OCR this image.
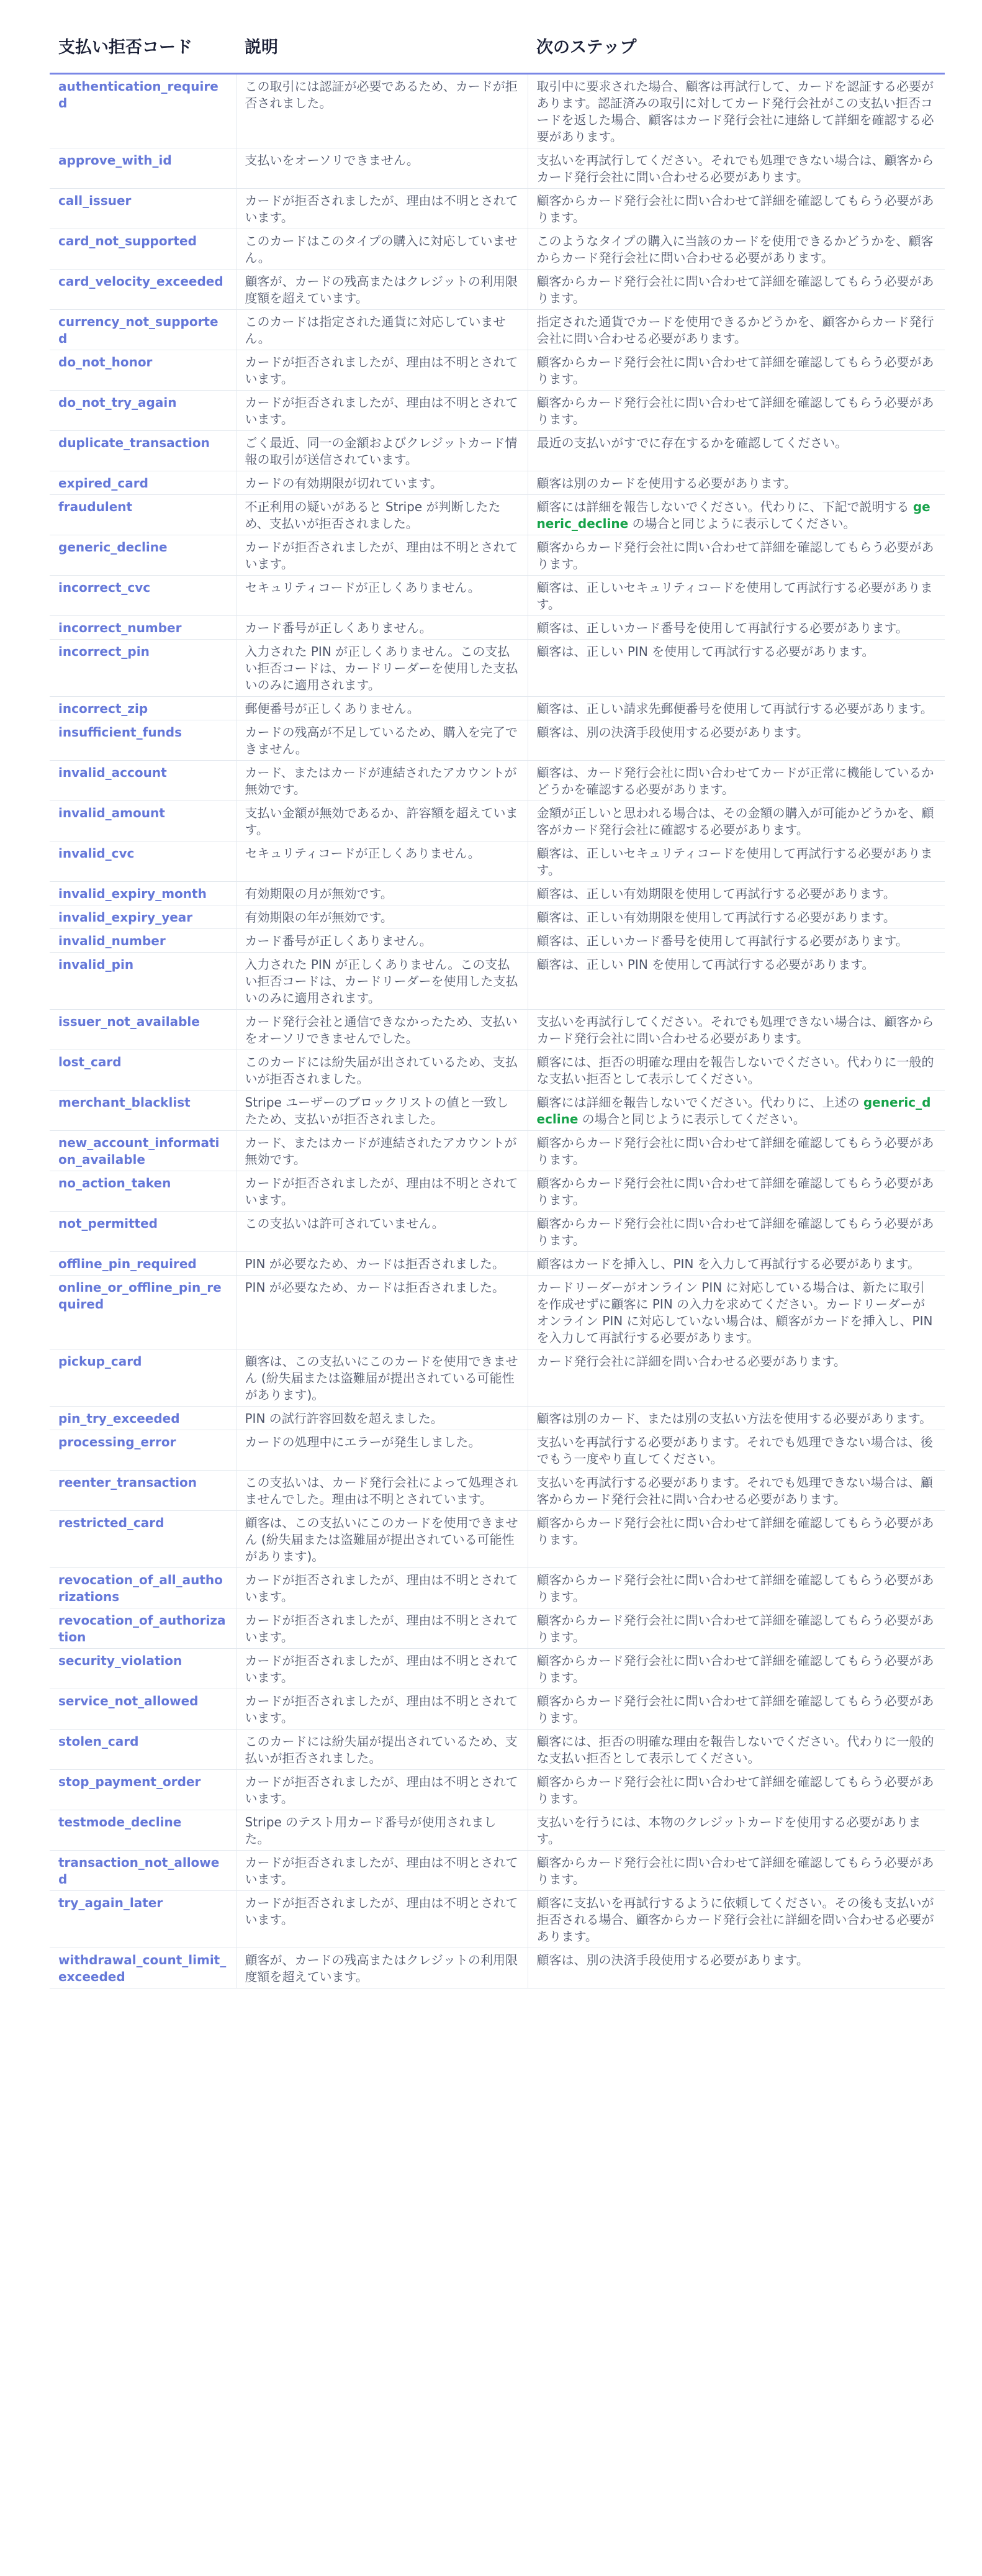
支払い拒否コード	説明	次のステップ
authentication_required	この取引には認証が必要であるため、カードが拒否されました。	取引中に要求された場合、顧客は再試行して、カードを認証する必要があります。認証済みの取引に対してカード発行会社がこの支払い拒否コードを返した場合、顧客はカード発行会社に連絡して詳細を確認する必要があります。
approve_with_id	支払いをオーソリできません。	支払いを再試行してください。それでも処理できない場合は、顧客からカード発行会社に問い合わせる必要があります。
call_issuer	カードが拒否されましたが、理由は不明とされています。	顧客からカード発行会社に問い合わせて詳細を確認してもらう必要があります。
card_not_supported	このカードはこのタイプの購入に対応していません。	このようなタイプの購入に当該のカードを使用できるかどうかを、顧客からカード発行会社に問い合わせる必要があります。
card_velocity_exceeded	顧客が、カードの残高またはクレジットの利用限度額を超えています。	顧客からカード発行会社に問い合わせて詳細を確認してもらう必要があります。
currency_not_supported	このカードは指定された通貨に対応していません。	指定された通貨でカードを使用できるかどうかを、顧客からカード発行会社に問い合わせる必要があります。
do_not_honor	カードが拒否されましたが、理由は不明とされています。	顧客からカード発行会社に問い合わせて詳細を確認してもらう必要があります。
do_not_try_again	カードが拒否されましたが、理由は不明とされています。	顧客からカード発行会社に問い合わせて詳細を確認してもらう必要があります。
duplicate_transaction	ごく最近、同一の金額およびクレジットカード情報の取引が送信されています。	最近の支払いがすでに存在するかを確認してください。
expired_card	カードの有効期限が切れています。	顧客は別のカードを使用する必要があります。
fraudulent	不正利用の疑いがあると Stripe が判断したため、支払いが拒否されました。	顧客には詳細を報告しないでください。代わりに、下記で説明する generic_decline の場合と同じように表示してください。
generic_decline	カードが拒否されましたが、理由は不明とされています。	顧客からカード発行会社に問い合わせて詳細を確認してもらう必要があります。
incorrect_cvc	セキュリティコードが正しくありません。	顧客は、正しいセキュリティコードを使用して再試行する必要があります。
incorrect_number	カード番号が正しくありません。	顧客は、正しいカード番号を使用して再試行する必要があります。
incorrect_pin	入力された PIN が正しくありません。この支払い拒否コードは、カードリーダーを使用した支払いのみに適用されます。	顧客は、正しい PIN を使用して再試行する必要があります。
incorrect_zip	郵便番号が正しくありません。	顧客は、正しい請求先郵便番号を使用して再試行する必要があります。
insufficient_funds	カードの残高が不足しているため、購入を完了できません。	顧客は、別の決済手段使用する必要があります。
invalid_account	カード、またはカードが連結されたアカウントが無効です。	顧客は、カード発行会社に問い合わせてカードが正常に機能しているかどうかを確認する必要があります。
invalid_amount	支払い金額が無効であるか、許容額を超えています。	金額が正しいと思われる場合は、その金額の購入が可能かどうかを、顧客がカード発行会社に確認する必要があります。
invalid_cvc	セキュリティコードが正しくありません。	顧客は、正しいセキュリティコードを使用して再試行する必要があります。
invalid_expiry_month	有効期限の月が無効です。	顧客は、正しい有効期限を使用して再試行する必要があります。
invalid_expiry_year	有効期限の年が無効です。	顧客は、正しい有効期限を使用して再試行する必要があります。
invalid_number	カード番号が正しくありません。	顧客は、正しいカード番号を使用して再試行する必要があります。
invalid_pin	入力された PIN が正しくありません。この支払い拒否コードは、カードリーダーを使用した支払いのみに適用されます。	顧客は、正しい PIN を使用して再試行する必要があります。
issuer_not_available	カード発行会社と通信できなかったため、支払いをオーソリできませんでした。	支払いを再試行してください。それでも処理できない場合は、顧客からカード発行会社に問い合わせる必要があります。
lost_card	このカードには紛失届が出されているため、支払いが拒否されました。	顧客には、拒否の明確な理由を報告しないでください。代わりに一般的な支払い拒否として表示してください。
merchant_blacklist	Stripe ユーザーのブロックリストの値と一致したため、支払いが拒否されました。	顧客には詳細を報告しないでください。代わりに、上述の generic_decline の場合と同じように表示してください。
new_account_information_available	カード、またはカードが連結されたアカウントが無効です。	顧客からカード発行会社に問い合わせて詳細を確認してもらう必要があります。
no_action_taken	カードが拒否されましたが、理由は不明とされています。	顧客からカード発行会社に問い合わせて詳細を確認してもらう必要があります。
not_permitted	この支払いは許可されていません。	顧客からカード発行会社に問い合わせて詳細を確認してもらう必要があります。
offline_pin_required	PIN が必要なため、カードは拒否されました。	顧客はカードを挿入し、PIN を入力して再試行する必要があります。
online_or_offline_pin_required	PIN が必要なため、カードは拒否されました。	カードリーダーがオンライン PIN に対応している場合は、新たに取引を作成せずに顧客に PIN の入力を求めてください。カードリーダーがオンライン PIN に対応していない場合は、顧客がカードを挿入し、PIN を入力して再試行する必要があります。
pickup_card	顧客は、この支払いにこのカードを使用できません (紛失届または盗難届が提出されている可能性があります)。	カード発行会社に詳細を問い合わせる必要があります。
pin_try_exceeded	PIN の試行許容回数を超えました。	顧客は別のカード、または別の支払い方法を使用する必要があります。
processing_error	カードの処理中にエラーが発生しました。	支払いを再試行する必要があります。それでも処理できない場合は、後でもう一度やり直してください。
reenter_transaction	この支払いは、カード発行会社によって処理されませんでした。理由は不明とされています。	支払いを再試行する必要があります。それでも処理できない場合は、顧客からカード発行会社に問い合わせる必要があります。
restricted_card	顧客は、この支払いにこのカードを使用できません (紛失届または盗難届が提出されている可能性があります)。	顧客からカード発行会社に問い合わせて詳細を確認してもらう必要があります。
revocation_of_all_authorizations	カードが拒否されましたが、理由は不明とされています。	顧客からカード発行会社に問い合わせて詳細を確認してもらう必要があります。
revocation_of_authorization	カードが拒否されましたが、理由は不明とされています。	顧客からカード発行会社に問い合わせて詳細を確認してもらう必要があります。
security_violation	カードが拒否されましたが、理由は不明とされています。	顧客からカード発行会社に問い合わせて詳細を確認してもらう必要があります。
service_not_allowed	カードが拒否されましたが、理由は不明とされています。	顧客からカード発行会社に問い合わせて詳細を確認してもらう必要があります。
stolen_card	このカードには紛失届が提出されているため、支払いが拒否されました。	顧客には、拒否の明確な理由を報告しないでください。代わりに一般的な支払い拒否として表示してください。
stop_payment_order	カードが拒否されましたが、理由は不明とされています。	顧客からカード発行会社に問い合わせて詳細を確認してもらう必要があります。
testmode_decline	Stripe のテスト用カード番号が使用されました。	支払いを行うには、本物のクレジットカードを使用する必要があります。
transaction_not_allowed	カードが拒否されましたが、理由は不明とされています。	顧客からカード発行会社に問い合わせて詳細を確認してもらう必要があります。
try_again_later	カードが拒否されましたが、理由は不明とされています。	顧客に支払いを再試行するように依頼してください。その後も支払いが拒否される場合、顧客からカード発行会社に詳細を問い合わせる必要があります。
withdrawal_count_limit_exceeded	顧客が、カードの残高またはクレジットの利用限度額を超えています。	顧客は、別の決済手段使用する必要があります。
